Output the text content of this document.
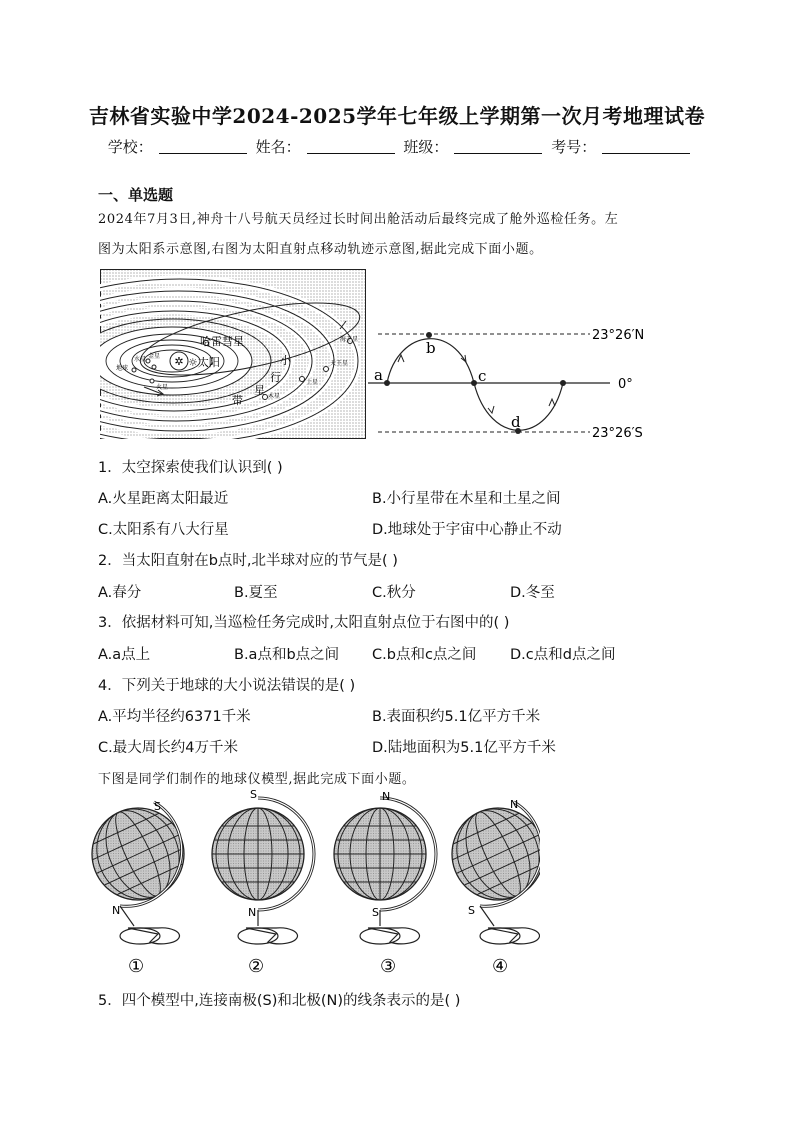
吉林省实验中学2024-2025学年七年级上学期第一次月考地理试卷
学校：	姓名：	班级：	考号：
一、单选题
2024年7月3日,神舟十八号航天员经过长时间出舱活动后最终完成了舱外巡检任务。左
图为太阳系示意图,右图为太阳直射点移动轨迹示意图,据此完成下面小题。
✲ ☼太阳
哈雷彗星
水星 金星
地球
火星
木星
土星
天王星
海王星
小
行
星
带
a
b
c
d
23°26′N
0°
23°26′S
1．太空探索使我们认识到( )
A.火星距离太阳最近	B.小行星带在木星和土星之间
C.太阳系有八大行星	D.地球处于宇宙中心静止不动
2．当太阳直射在b点时,北半球对应的节气是( )
A.春分	B.夏至	C.秋分	D.冬至
3．依据材料可知,当巡检任务完成时,太阳直射点位于右图中的( )
A.a点上	B.a点和b点之间 C.b点和c点之间 D.c点和d点之间
4．下列关于地球的大小说法错误的是( )
A.平均半径约6371千米	B.表面积约5.1亿平方千米
C.最大周长约4万千米	D.陆地面积为5.1亿平方千米
下图是同学们制作的地球仪模型,据此完成下面小题。
S
N
①
S
N
②
N
S
③
N
S
④
5．四个模型中,连接南极(S)和北极(N)的线条表示的是( )
